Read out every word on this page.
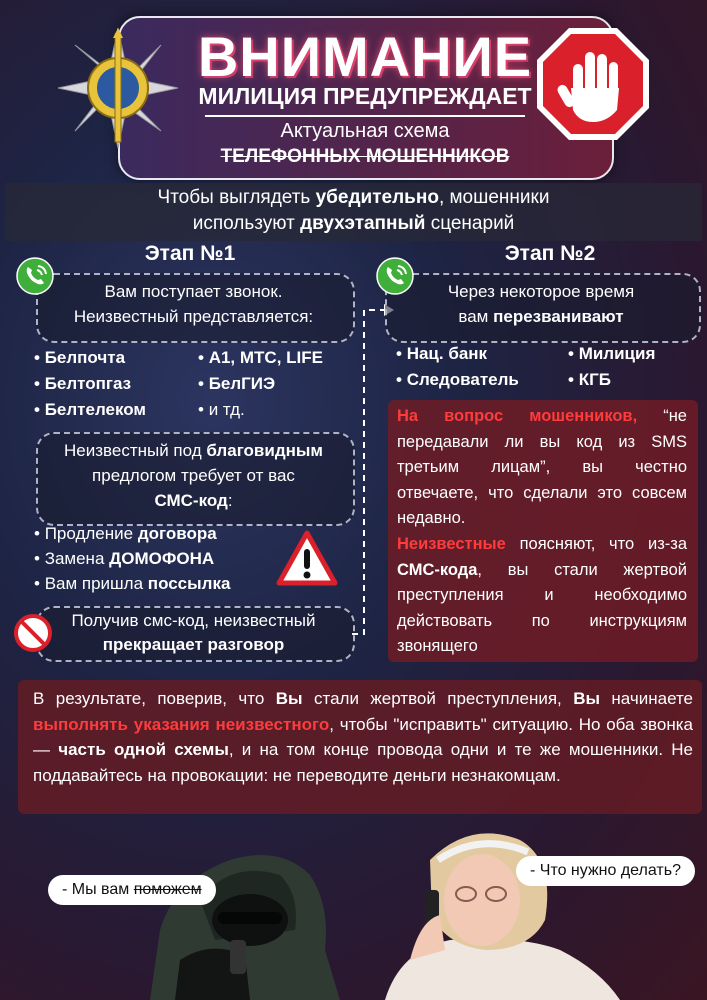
ВНИМАНИЕ
МИЛИЦИЯ ПРЕДУПРЕЖДАЕТ
Актуальная схема
ТЕЛЕФОННЫХ МОШЕННИКОВ
Чтобы выглядеть убедительно, мошенники
используют двухэтапный сценарий
Этап №1
Вам поступает звонок.
Неизвестный представляется:
• Белпочта
• Белтопгаз
• Белтелеком
• А1, МТС, LIFE
• БелГИЭ
• и тд.
Неизвестный под благовидным
предлогом требует от вас
СМС-код:
• Продление договора
• Замена ДОМОФОНА
• Вам пришла поссылка
Получив смс-код, неизвестный
прекращает разговор
Этап №2
Через некоторое время
вам перезванивают
• Нац. банк
• Следователь
• Милиция
• КГБ
На вопрос мошенников, “не передавали ли вы код из SMS третьим лицам”, вы честно отвечаете, что сделали это совсем недавно.
Неизвестные поясняют, что из-за СМС-кода, вы стали жертвой преступления и необходимо действовать по инструкциям звонящего
В результате, поверив, что Вы стали жертвой преступления, Вы начинаете выполнять указания неизвестного, чтобы "исправить" ситуацию. Но оба звонка — часть одной схемы, и на том конце провода одни и те же мошенники. Не поддавайтесь на провокации: не переводите деньги незнакомцам.
- Мы вам поможем
- Что нужно делать?
